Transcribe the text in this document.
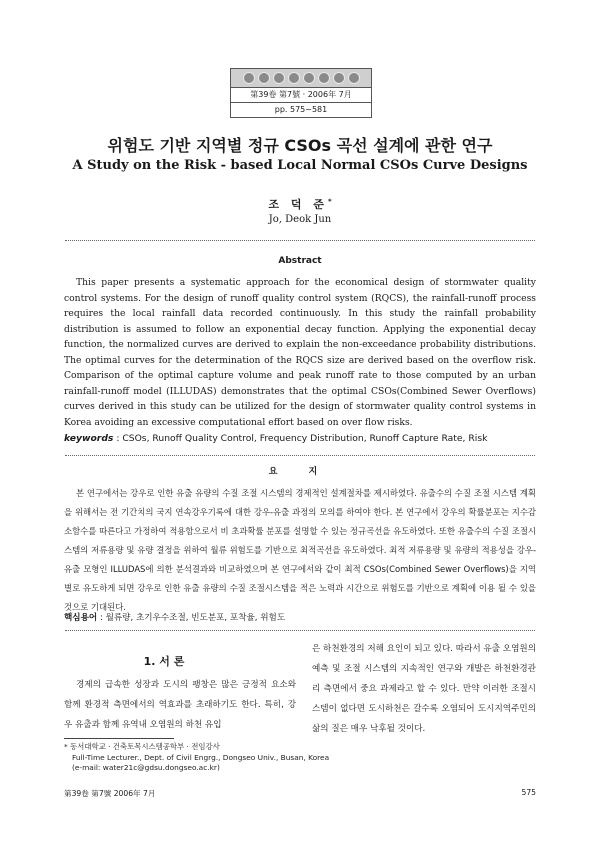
第39卷 第7號 · 2006年 7月
pp. 575~581
위험도 기반 지역별 정규 CSOs 곡선 설계에 관한 연구
A Study on the Risk - based Local Normal CSOs Curve Designs
조 덕 준*
Jo, Deok Jun
Abstract
This paper presents a systematic approach for the economical design of stormwater quality control systems. For the design of runoff quality control system (RQCS), the rainfall-runoff process requires the local rainfall data recorded continuously. In this study the rainfall probability distribution is assumed to follow an exponential decay function. Applying the exponential decay function, the normalized curves are derived to explain the non-exceedance probability distributions. The optimal curves for the determination of the RQCS size are derived based on the overflow risk. Comparison of the optimal capture volume and peak runoff rate to those computed by an urban rainfall-runoff model (ILLUDAS) demonstrates that the optimal CSOs(Combined Sewer Overflows) curves derived in this study can be utilized for the design of stormwater quality control systems in Korea avoiding an excessive computational effort based on over flow risks.
keywords : CSOs, Runoff Quality Control, Frequency Distribution, Runoff Capture Rate, Risk
요 지
본 연구에서는 강우로 인한 유출 유량의 수질 조절 시스템의 경제적인 설계절차를 제시하였다. 유출수의 수질 조절 시스템 계획을 위해서는 전 기간치의 국지 연속강우기록에 대한 강우-유출 과정의 모의를 하여야 한다. 본 연구에서 강우의 확률분포는 지수감소함수를 따른다고 가정하여 적용함으로서 비 초과확률 분포를 설명할 수 있는 정규곡선을 유도하였다. 또한 유출수의 수질 조절시스템의 저류용량 및 유량 결정을 위하여 월류 위험도를 기반으로 최적곡선을 유도하였다. 최적 저류용량 및 유량의 적용성을 강우-유출 모형인 ILLUDAS에 의한 분석결과와 비교하였으며 본 연구에서와 같이 최적 CSOs(Combined Sewer Overflows)을 지역별로 유도하게 되면 강우로 인한 유출 유량의 수질 조절시스템을 적은 노력과 시간으로 위험도를 기반으로 계획에 이용 될 수 있을 것으로 기대된다.
핵심용어 : 월류량, 초기우수조절, 빈도분포, 포착율, 위험도
1. 서 론
경제의 급속한 성장과 도시의 팽창은 많은 긍정적 요소와 함께 환경적 측면에서의 역효과를 초래하기도 한다. 특히, 강우 유출과 함께 유역내 오염원의 하천 유입
은 하천환경의 저해 요인이 되고 있다. 따라서 유출 오염원의 예측 및 조절 시스템의 지속적인 연구와 개발은 하천환경관리 측면에서 중요 과제라고 할 수 있다. 만약 이러한 조절시스템이 없다면 도시하천은 갈수록 오염되어 도시지역주민의 삶의 질은 매우 낙후될 것이다.
* 동서대학교 · 건축토목시스템공학부 · 전임강사
Full-Time Lecturer., Dept. of Civil Engrg., Dongseo Univ., Busan, Korea
(e-mail: water21c@gdsu.dongseo.ac.kr)
第39卷 第7號 2006年 7月	575
